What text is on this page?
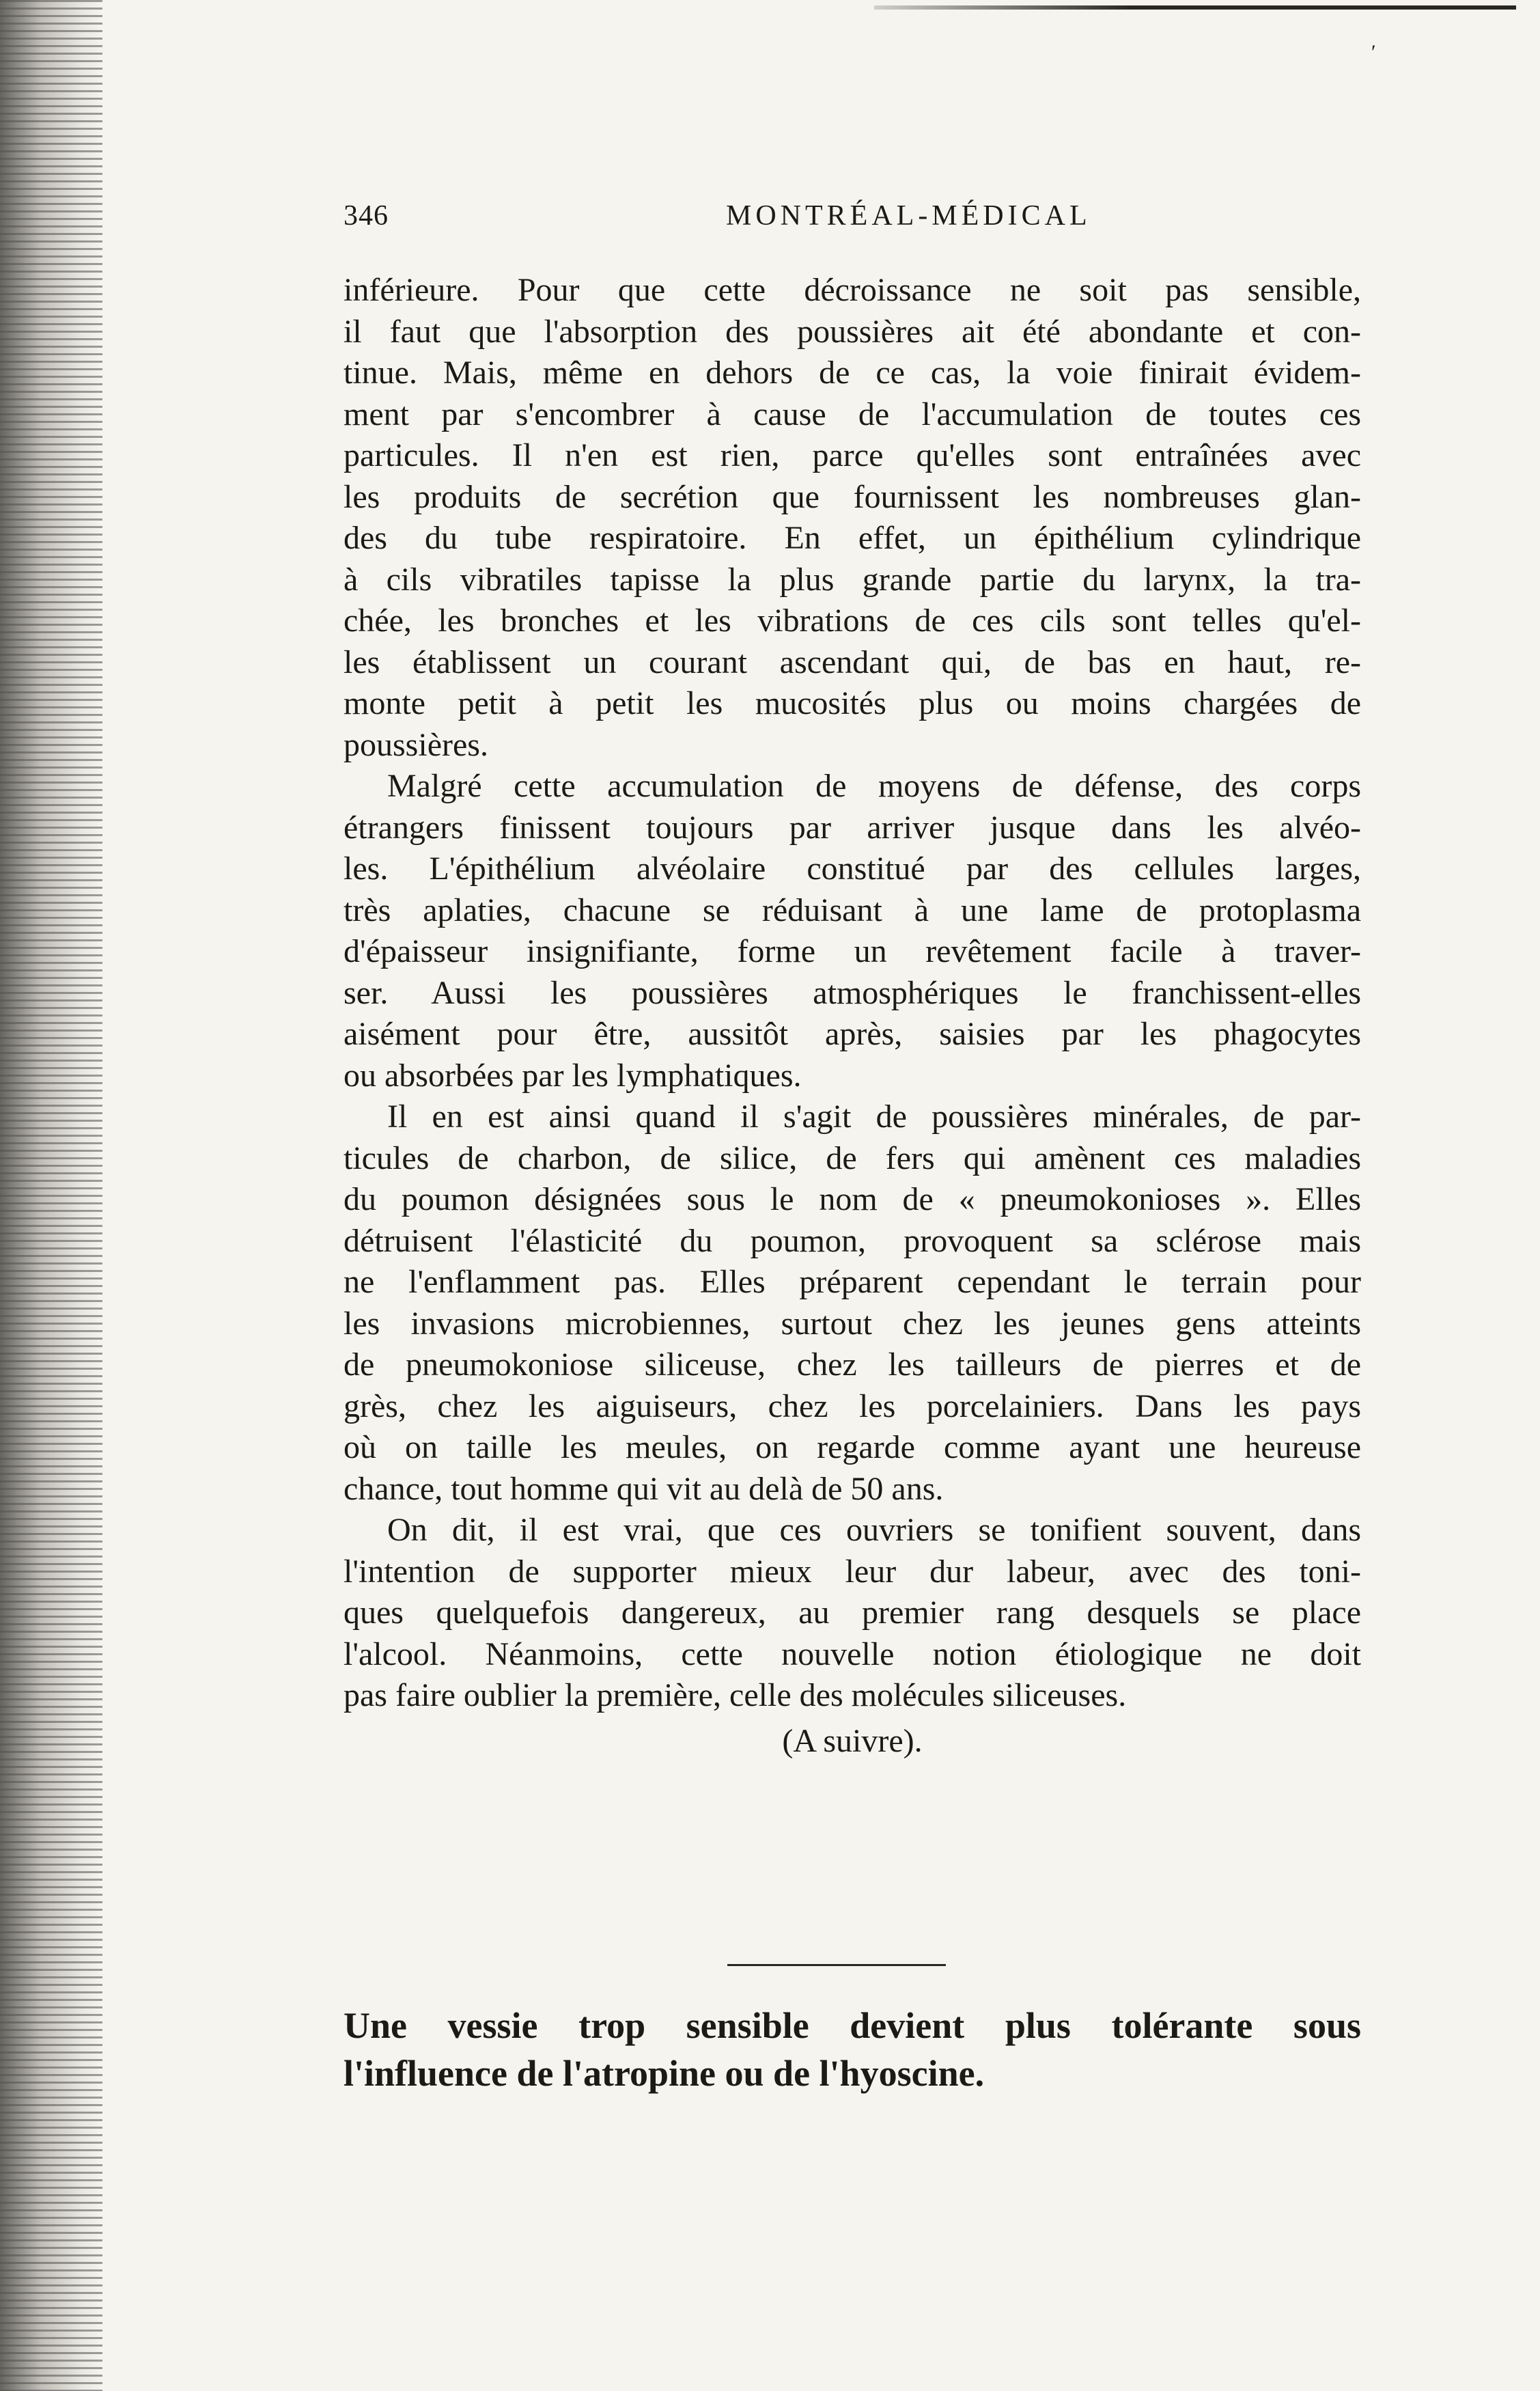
′
346	MONTRÉAL-MÉDICAL
inférieure. Pour que cette décroissance ne soit pas sensible,
il faut que l'absorption des poussières ait été abondante et con-
tinue. Mais, même en dehors de ce cas, la voie finirait évidem-
ment par s'encombrer à cause de l'accumulation de toutes ces
particules. Il n'en est rien, parce qu'elles sont entraînées avec
les produits de secrétion que fournissent les nombreuses glan-
des du tube respiratoire. En effet, un épithélium cylindrique
à cils vibratiles tapisse la plus grande partie du larynx, la tra-
chée, les bronches et les vibrations de ces cils sont telles qu'el-
les établissent un courant ascendant qui, de bas en haut, re-
monte petit à petit les mucosités plus ou moins chargées de
poussières.
Malgré cette accumulation de moyens de défense, des corps
étrangers finissent toujours par arriver jusque dans les alvéo-
les. L'épithélium alvéolaire constitué par des cellules larges,
très aplaties, chacune se réduisant à une lame de protoplasma
d'épaisseur insignifiante, forme un revêtement facile à traver-
ser. Aussi les poussières atmosphériques le franchissent-elles
aisément pour être, aussitôt après, saisies par les phagocytes
ou absorbées par les lymphatiques.
Il en est ainsi quand il s'agit de poussières minérales, de par-
ticules de charbon, de silice, de fers qui amènent ces maladies
du poumon désignées sous le nom de « pneumokonioses ». Elles
détruisent l'élasticité du poumon, provoquent sa sclérose mais
ne l'enflamment pas. Elles préparent cependant le terrain pour
les invasions microbiennes, surtout chez les jeunes gens atteints
de pneumokoniose siliceuse, chez les tailleurs de pierres et de
grès, chez les aiguiseurs, chez les porcelainiers. Dans les pays
où on taille les meules, on regarde comme ayant une heureuse
chance, tout homme qui vit au delà de 50 ans.
On dit, il est vrai, que ces ouvriers se tonifient souvent, dans
l'intention de supporter mieux leur dur labeur, avec des toni-
ques quelquefois dangereux, au premier rang desquels se place
l'alcool. Néanmoins, cette nouvelle notion étiologique ne doit
pas faire oublier la première, celle des molécules siliceuses.
(A suivre).
Une vessie trop sensible devient plus tolérante sous
l'influence de l'atropine ou de l'hyoscine.
